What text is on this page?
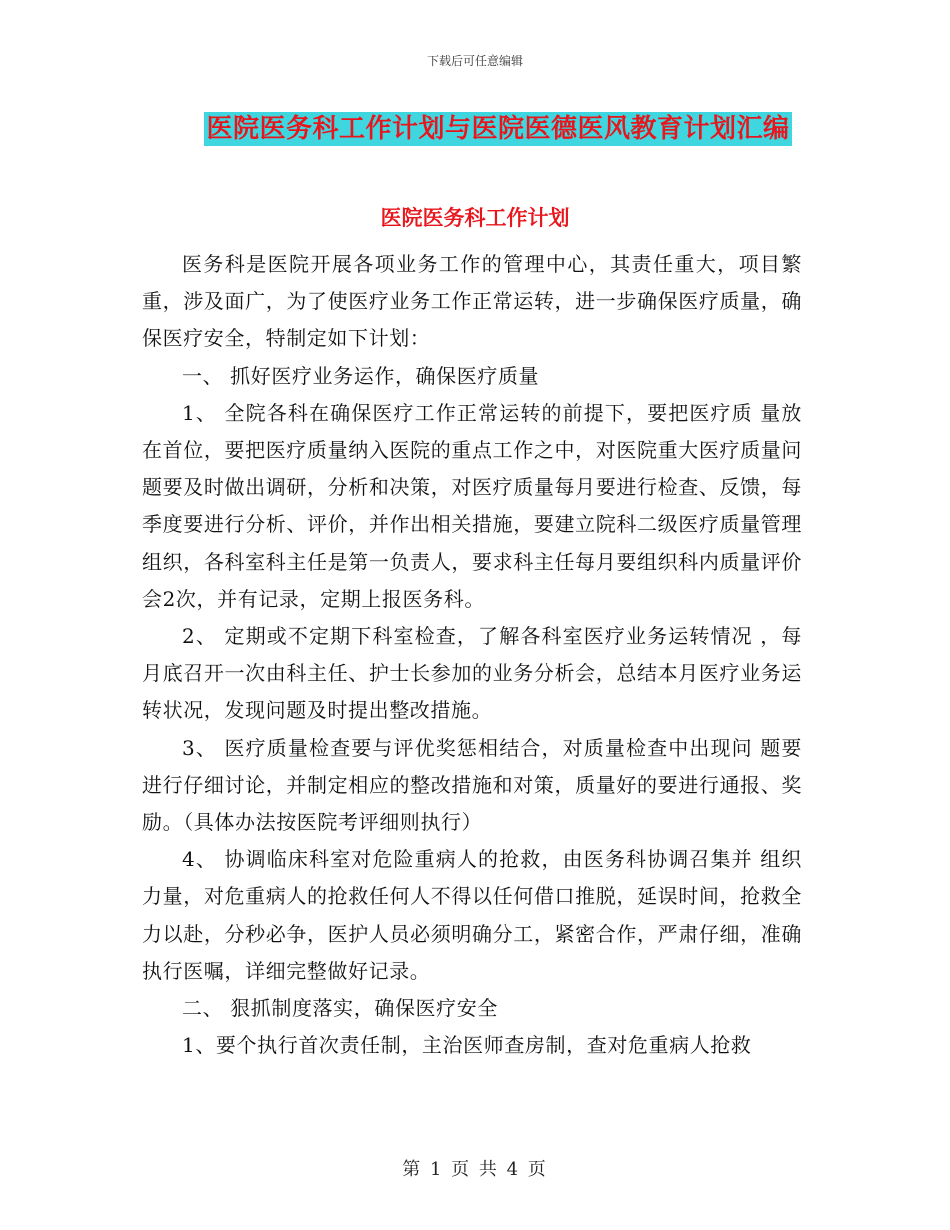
下载后可任意编辑
医院医务科工作计划与医院医德医风教育计划汇编
医院医务科工作计划

医务科是医院开展各项业务工作的管理中心，其责任重大，项目繁重，涉及面广，为了使医疗业务工作正常运转，进一步确保医疗质量，确保医疗安全，特制定如下计划：

一、 抓好医疗业务运作，确保医疗质量

1、 全院各科在确保医疗工作正常运转的前提下，要把医疗质 量放在首位，要把医疗质量纳入医院的重点工作之中，对医院重大医疗质量问题要及时做出调研，分析和决策，对医疗质量每月要进行检查、反馈，每季度要进行分析、评价，并作出相关措施，要建立院科二级医疗质量管理组织，各科室科主任是第一负责人，要求科主任每月要组织科内质量评价会2次，并有记录，定期上报医务科。

2、 定期或不定期下科室检查，了解各科室医疗业务运转情况 ，每月底召开一次由科主任、护士长参加的业务分析会，总结本月医疗业务运转状况，发现问题及时提出整改措施。

3、 医疗质量检查要与评优奖惩相结合，对质量检查中出现问 题要进行仔细讨论，并制定相应的整改措施和对策，质量好的要进行通报、奖励。（具体办法按医院考评细则执行）

4、 协调临床科室对危险重病人的抢救，由医务科协调召集并 组织力量，对危重病人的抢救任何人不得以任何借口推脱，延误时间，抢救全力以赴，分秒必争，医护人员必须明确分工，紧密合作，严肃仔细，准确执行医嘱，详细完整做好记录。

二、 狠抓制度落实，确保医疗安全

1、要个执行首次责任制，主治医师查房制，查对危重病人抢救

第 1 页 共 4 页
